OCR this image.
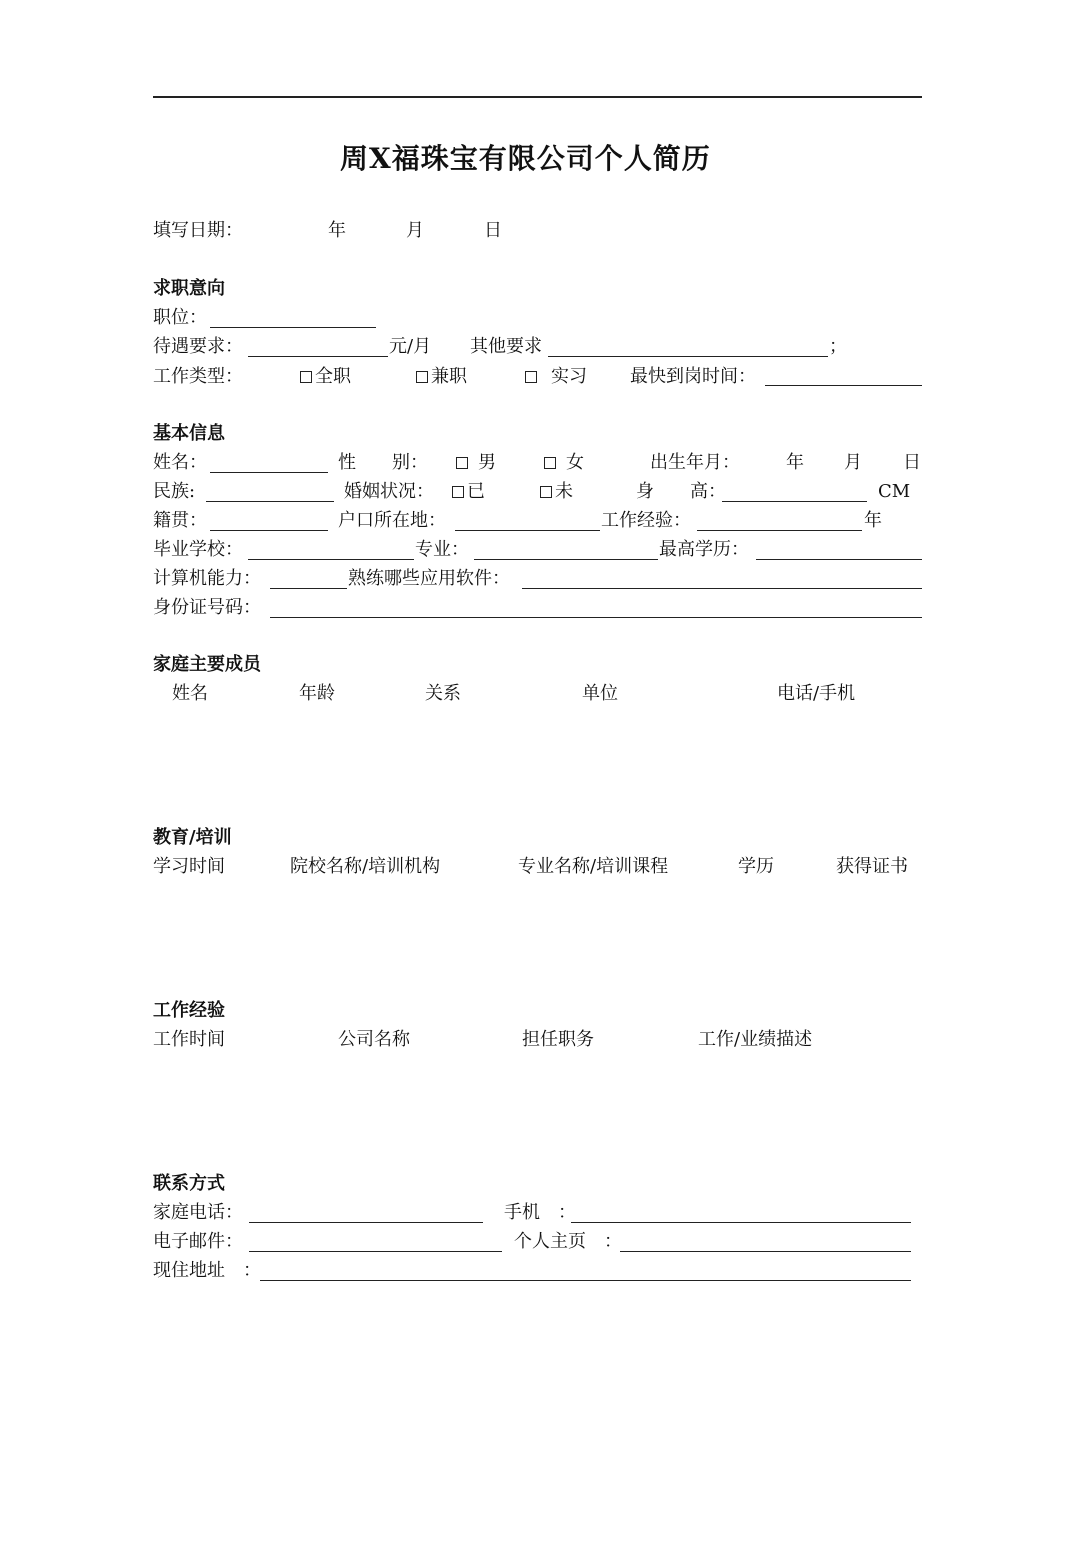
周X福珠宝有限公司个人简历
填写日期：	年	月	日
求职意向
职位：
待遇要求：	元/月 其他要求	；
工作类型：	全职	兼职	实习 最快到岗时间：
基本信息
姓名：	性　　别：	男	女	出生年月：	年 月 日
民族:	婚姻状况：	已	未	身　　高：	CM
籍贯：	户口所在地：	工作经验：	年
毕业学校：	专业：	最高学历：
计算机能力：	熟练哪些应用软件：
身份证号码：
家庭主要成员
姓名	年龄	关系	单位	电话/手机
教育/培训
学习时间	院校名称/培训机构	专业名称/培训课程	学历	获得证书
工作经验
工作时间	公司名称	担任职务	工作/业绩描述
联系方式
家庭电话：	手机　：
电子邮件：	个人主页　：
现住地址　：
